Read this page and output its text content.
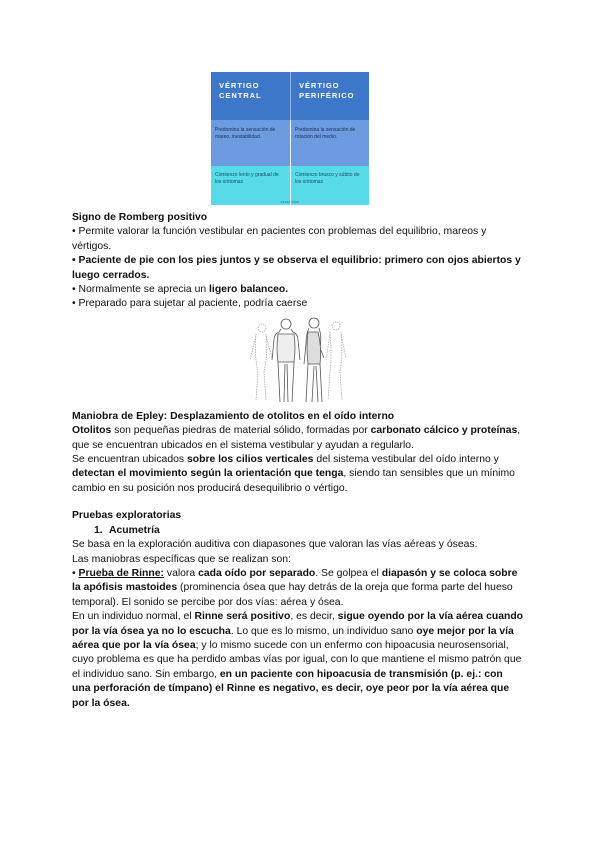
VÉRTIGO CENTRAL
VÉRTIGO PERIFÉRICO
Predomina la sensación de mareo, inestabilidad.
Predomina la sensación de rotación del medio.
Comienzo lento y gradual de los síntomas
Comienzo brusco y súbito de los síntomas
xxxxx.com

Signo de Romberg positivo

• Permite valorar la función vestibular en pacientes con problemas del equilibrio, mareos y vértigos.

• Paciente de pie con los pies juntos y se observa el equilibrio: primero con ojos abiertos y luego cerrados.

• Normalmente se aprecia un ligero balanceo.

• Preparado para sujetar al paciente, podría caerse

Maniobra de Epley: Desplazamiento de otolitos en el oído interno

Otolitos son pequeñas piedras de material sólido, formadas por carbonato cálcico y proteínas, que se encuentran ubicados en el sistema vestibular y ayudan a regularlo.

Se encuentran ubicados sobre los cilios verticales del sistema vestibular del oído interno y detectan el movimiento según la orientación que tenga, siendo tan sensibles que un mínimo cambio en su posición nos producirá desequilibrio o vértigo.

Pruebas exploratorias

1. Acumetría

Se basa en la exploración auditiva con diapasones que valoran las vías aéreas y óseas.

Las maniobras específicas que se realizan son:

• Prueba de Rinne: valora cada oído por separado. Se golpea el diapasón y se coloca sobre la apófisis mastoides (prominencia ósea que hay detrás de la oreja que forma parte del hueso temporal). El sonido se percibe por dos vías: aérea y ósea.

En un individuo normal, el Rinne será positivo, es decir, sigue oyendo por la vía aérea cuando por la vía ósea ya no lo escucha. Lo que es lo mismo, un individuo sano oye mejor por la vía aérea que por la vía ósea; y lo mismo sucede con un enfermo con hipoacusia neurosensorial, cuyo problema es que ha perdido ambas vías por igual, con lo que mantiene el mismo patrón que el individuo sano. Sin embargo, en un paciente con hipoacusia de transmisión (p. ej.: con una perforación de tímpano) el Rinne es negativo, es decir, oye peor por la vía aérea que por la ósea.
